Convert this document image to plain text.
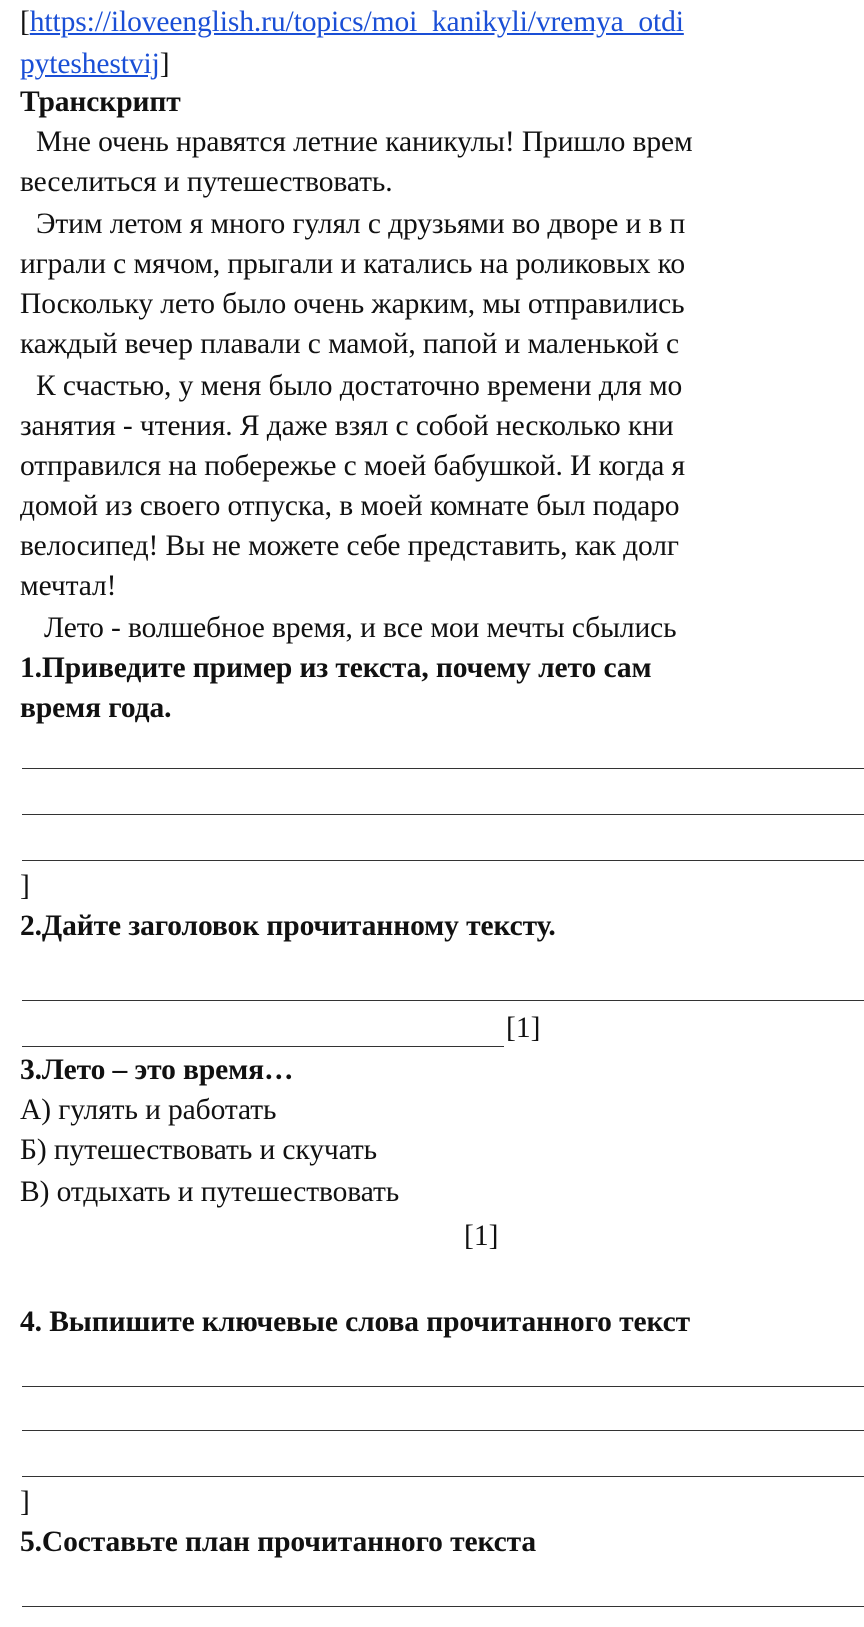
[https://iloveenglish.ru/topics/moi_kanikyli/vremya_otdi
pyteshestvij]
Транскрипт
Мне очень нравятся летние каникулы! Пришло врем
веселиться и путешествовать.
Этим летом я много гулял с друзьями во дворе и в п
играли с мячом, прыгали и катались на роликовых ко
Поскольку лето было очень жарким, мы отправились
каждый вечер плавали с мамой, папой и маленькой с
К счастью, у меня было достаточно времени для мо
занятия - чтения. Я даже взял с собой несколько кни
отправился на побережье с моей бабушкой. И когда я
домой из своего отпуска, в моей комнате был подаро
велосипед! Вы не можете себе представить, как долг
мечтал!
Лето - волшебное время, и все мои мечты сбылись
1.Приведите пример из текста, почему лето сам
время года.
]
2.Дайте заголовок прочитанному тексту.
[1]
3.Лето – это время…
А) гулять и работать
Б) путешествовать и скучать
В) отдыхать и путешествовать
[1]
4. Выпишите ключевые слова прочитанного текст
]
5.Составьте план прочитанного текста
